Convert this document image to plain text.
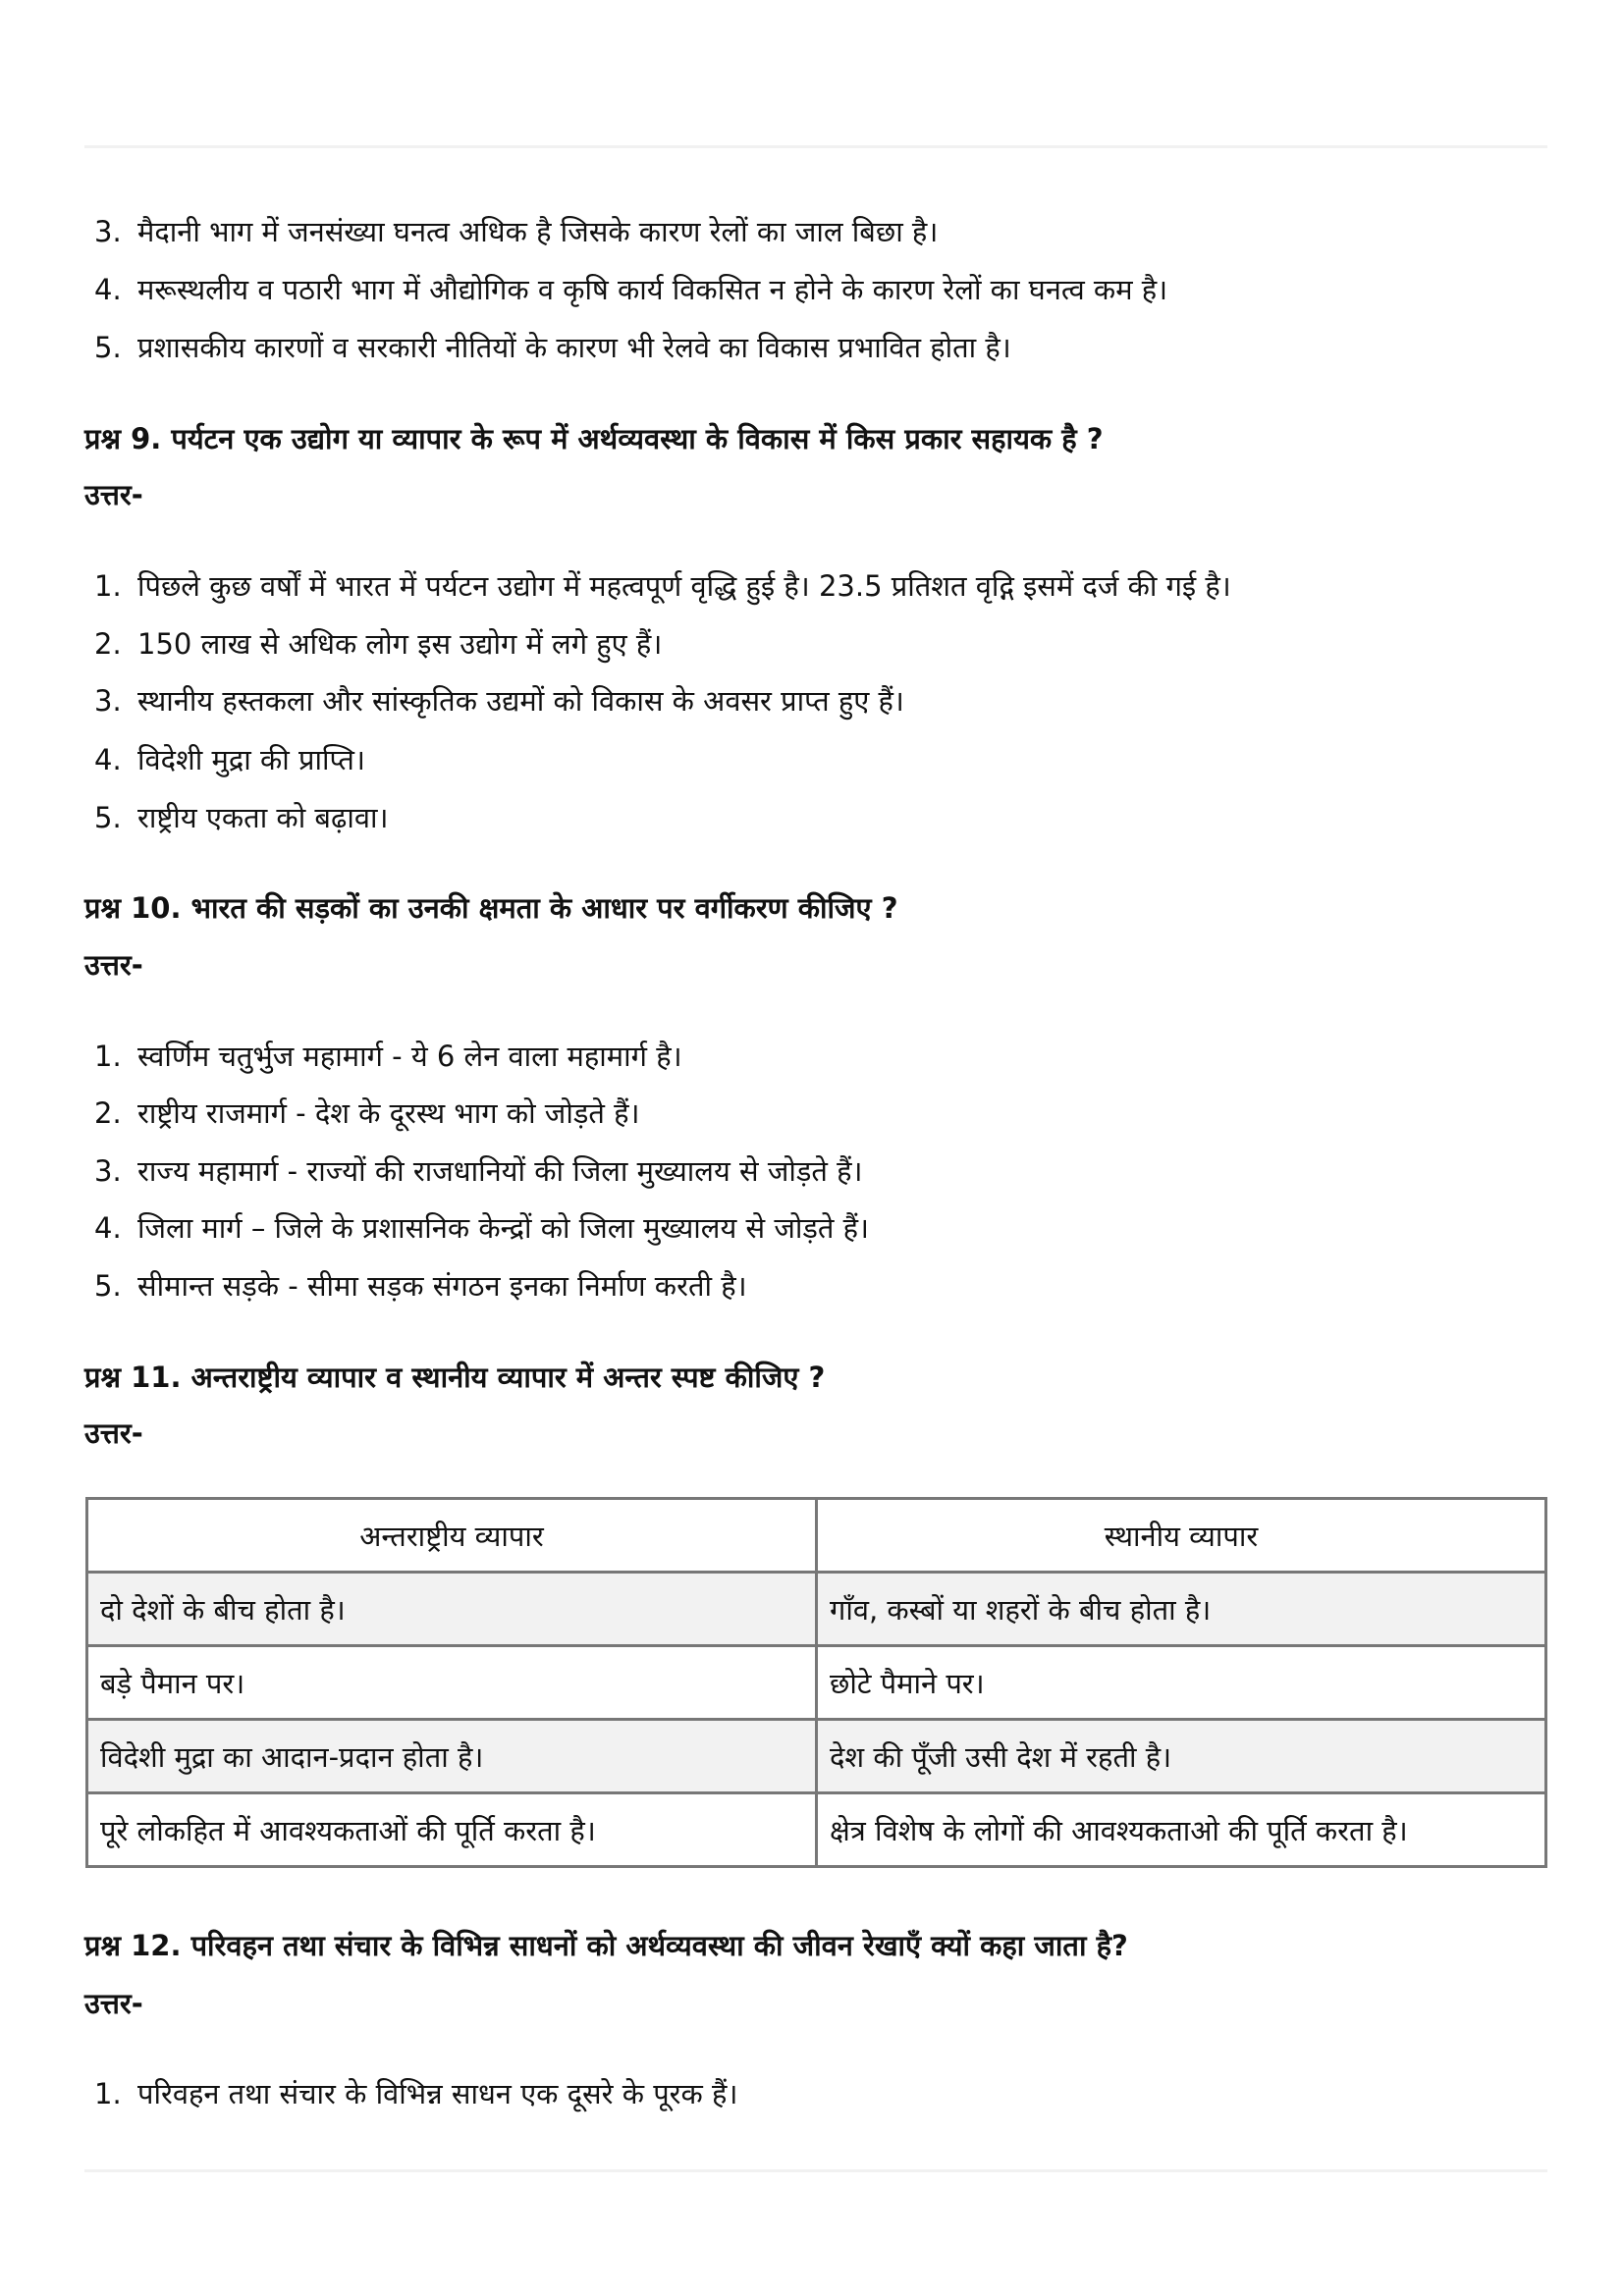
3. मैदानी भाग में जनसंख्या घनत्व अधिक है जिसके कारण रेलों का जाल बिछा है।
4. मरूस्थलीय व पठारी भाग में औद्योगिक व कृषि कार्य विकसित न होने के कारण रेलों का घनत्व कम है।
5. प्रशासकीय कारणों व सरकारी नीतियों के कारण भी रेलवे का विकास प्रभावित होता है।
प्रश्न 9. पर्यटन एक उद्योग या व्यापार के रूप में अर्थव्यवस्था के विकास में किस प्रकार सहायक है ?
उत्तर-
1. पिछले कुछ वर्षों में भारत में पर्यटन उद्योग में महत्वपूर्ण वृद्धि हुई है। 23.5 प्रतिशत वृद्गि इसमें दर्ज की गई है।
2. 150 लाख से अधिक लोग इस उद्योग में लगे हुए हैं।
3. स्थानीय हस्तकला और सांस्कृतिक उद्यमों को विकास के अवसर प्राप्त हुए हैं।
4. विदेशी मुद्रा की प्राप्ति।
5. राष्ट्रीय एकता को बढ़ावा।
प्रश्न 10. भारत की सड़कों का उनकी क्षमता के आधार पर वर्गीकरण कीजिए ?
उत्तर-
1. स्वर्णिम चतुर्भुज महामार्ग - ये 6 लेन वाला महामार्ग है।
2. राष्ट्रीय राजमार्ग - देश के दूरस्थ भाग को जोड़ते हैं।
3. राज्य महामार्ग - राज्यों की राजधानियों की जिला मुख्यालय से जोड़ते हैं।
4. जिला मार्ग – जिले के प्रशासनिक केन्द्रों को जिला मुख्यालय से जोड़ते हैं।
5. सीमान्त सड़के - सीमा सड़क संगठन इनका निर्माण करती है।
प्रश्न 11. अन्तराष्ट्रीय व्यापार व स्थानीय व्यापार में अन्तर स्पष्ट कीजिए ?
उत्तर-
अन्तराष्ट्रीय व्यापार	स्थानीय व्यापार
दो देशों के बीच होता है।	गाँव, कस्बों या शहरों के बीच होता है।
बड़े पैमान पर।	छोटे पैमाने पर।
विदेशी मुद्रा का आदान-प्रदान होता है।	देश की पूँजी उसी देश में रहती है।
पूरे लोकहित में आवश्यकताओं की पूर्ति करता है।	क्षेत्र विशेष के लोगों की आवश्यकताओ की पूर्ति करता है।
प्रश्न 12. परिवहन तथा संचार के विभिन्न साधनों को अर्थव्यवस्था की जीवन रेखाएँ क्यों कहा जाता है?
उत्तर-
1. परिवहन तथा संचार के विभिन्न साधन एक दूसरे के पूरक हैं।
